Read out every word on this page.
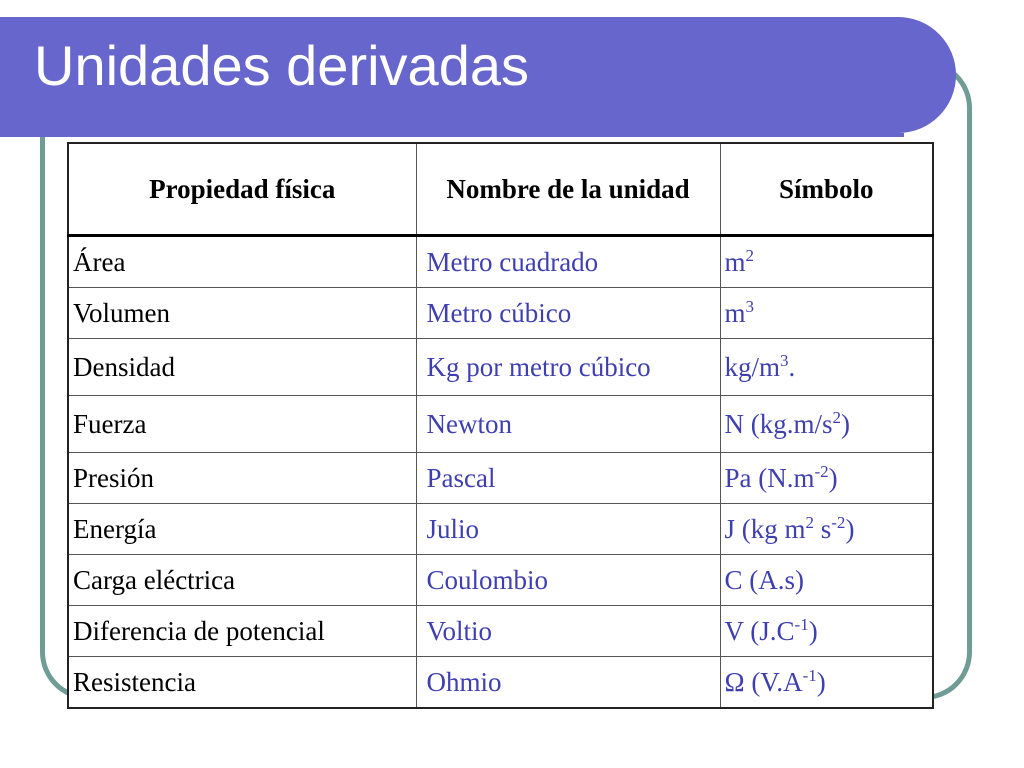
Unidades derivadas
Propiedad física	Nombre de la unidad	Símbolo
Área	Metro cuadrado	$m^2$
Volumen	Metro cúbico	$m^3$
Densidad	Kg por metro cúbico	$kg/m^3$.
Fuerza	Newton	N $(kg.m/s^2)$
Presión	Pascal	Pa $(N.m^{-2})$
Energía	Julio	J (kg $m^2$ $s^{-2}$)
Carga eléctrica	Coulombio	C (A.s)
Diferencia de potencial	Voltio	V $(J.C^{-1})$
Resistencia	Ohmio	Ω $(V.A^{-1})$
